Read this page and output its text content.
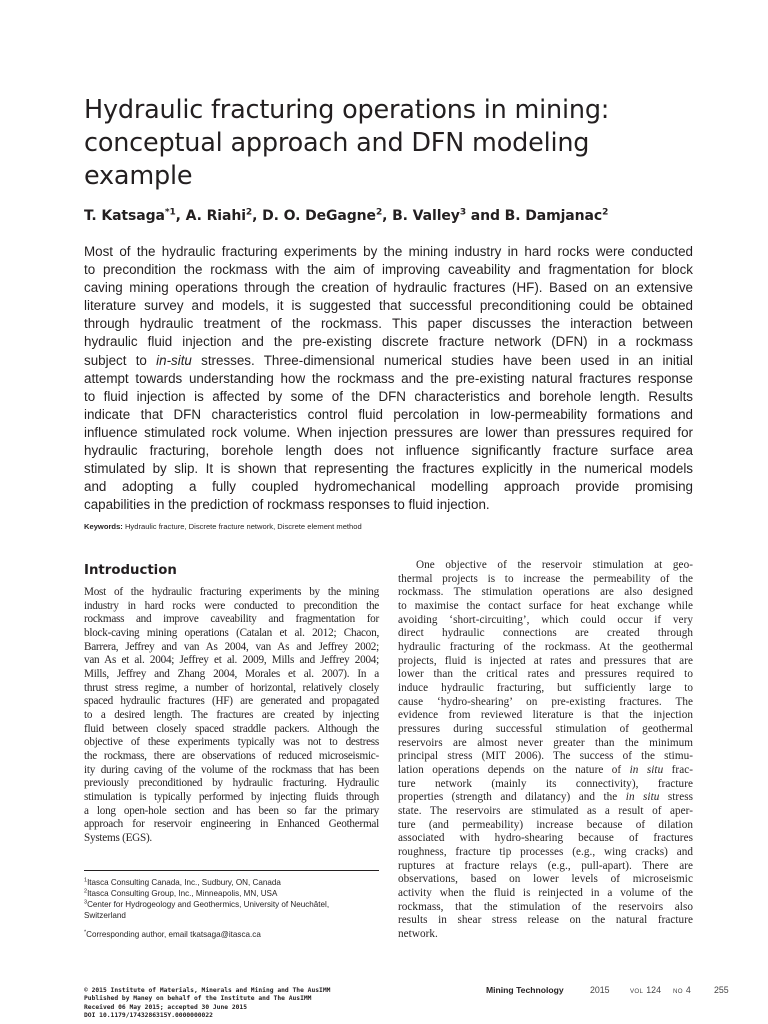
Hydraulic fracturing operations in mining:
conceptual approach and DFN modeling
example
T. Katsaga$^{*1}$, A. Riahi$^2$, D. O. DeGagne$^2$, B. Valley$^3$ and B. Damjanac$^2$
Most of the hydraulic fracturing experiments by the mining industry in hard rocks were conducted
to precondition the rockmass with the aim of improving caveability and fragmentation for block
caving mining operations through the creation of hydraulic fractures (HF). Based on an extensive
literature survey and models, it is suggested that successful preconditioning could be obtained
through hydraulic treatment of the rockmass. This paper discusses the interaction between
hydraulic fluid injection and the pre-existing discrete fracture network (DFN) in a rockmass
subject to in-situ stresses. Three-dimensional numerical studies have been used in an initial
attempt towards understanding how the rockmass and the pre-existing natural fractures response
to fluid injection is affected by some of the DFN characteristics and borehole length. Results
indicate that DFN characteristics control fluid percolation in low-permeability formations and
influence stimulated rock volume. When injection pressures are lower than pressures required for
hydraulic fracturing, borehole length does not influence significantly fracture surface area
stimulated by slip. It is shown that representing the fractures explicitly in the numerical models
and adopting a fully coupled hydromechanical modelling approach provide promising
capabilities in the prediction of rockmass responses to fluid injection.
Keywords: Hydraulic fracture, Discrete fracture network, Discrete element method
Introduction
Most of the hydraulic fracturing experiments by the mining
industry in hard rocks were conducted to precondition the
rockmass and improve caveability and fragmentation for
block-caving mining operations (Catalan et al. 2012; Chacon,
Barrera, Jeffrey and van As 2004, van As and Jeffrey 2002;
van As et al. 2004; Jeffrey et al. 2009, Mills and Jeffrey 2004;
Mills, Jeffrey and Zhang 2004, Morales et al. 2007). In a
thrust stress regime, a number of horizontal, relatively closely
spaced hydraulic fractures (HF) are generated and propagated
to a desired length. The fractures are created by injecting
fluid between closely spaced straddle packers. Although the
objective of these experiments typically was not to destress
the rockmass, there are observations of reduced microseismic-
ity during caving of the volume of the rockmass that has been
previously preconditioned by hydraulic fracturing. Hydraulic
stimulation is typically performed by injecting fluids through
a long open-hole section and has been so far the primary
approach for reservoir engineering in Enhanced Geothermal
Systems (EGS).
One objective of the reservoir stimulation at geo-
thermal projects is to increase the permeability of the
rockmass. The stimulation operations are also designed
to maximise the contact surface for heat exchange while
avoiding ‘short-circuiting’, which could occur if very
direct hydraulic connections are created through
hydraulic fracturing of the rockmass. At the geothermal
projects, fluid is injected at rates and pressures that are
lower than the critical rates and pressures required to
induce hydraulic fracturing, but sufficiently large to
cause ‘hydro-shearing’ on pre-existing fractures. The
evidence from reviewed literature is that the injection
pressures during successful stimulation of geothermal
reservoirs are almost never greater than the minimum
principal stress (MIT 2006). The success of the stimu-
lation operations depends on the nature of in situ frac-
ture network (mainly its connectivity), fracture
properties (strength and dilatancy) and the in situ stress
state. The reservoirs are stimulated as a result of aper-
ture (and permeability) increase because of dilation
associated with hydro-shearing because of fractures
roughness, fracture tip processes (e.g., wing cracks) and
ruptures at fracture relays (e.g., pull-apart). There are
observations, based on lower levels of microseismic
activity when the fluid is reinjected in a volume of the
rockmass, that the stimulation of the reservoirs also
results in shear stress release on the natural fracture
network.
$^1$Itasca Consulting Canada, Inc., Sudbury, ON, Canada
$^2$Itasca Consulting Group, Inc., Minneapolis, MN, USA
$^3$Center for Hydrogeology and Geothermics, University of Neuchâtel,
Switzerland
*Corresponding author, email tkatsaga@itasca.ca
© 2015 Institute of Materials, Minerals and Mining and The AusIMM
Published by Maney on behalf of the Institute and The AusIMM
Received 06 May 2015; accepted 30 June 2015
DOI 10.1179/1743286315Y.0000000022
Mining Technology	2015	VOL 124 NO 4	255
